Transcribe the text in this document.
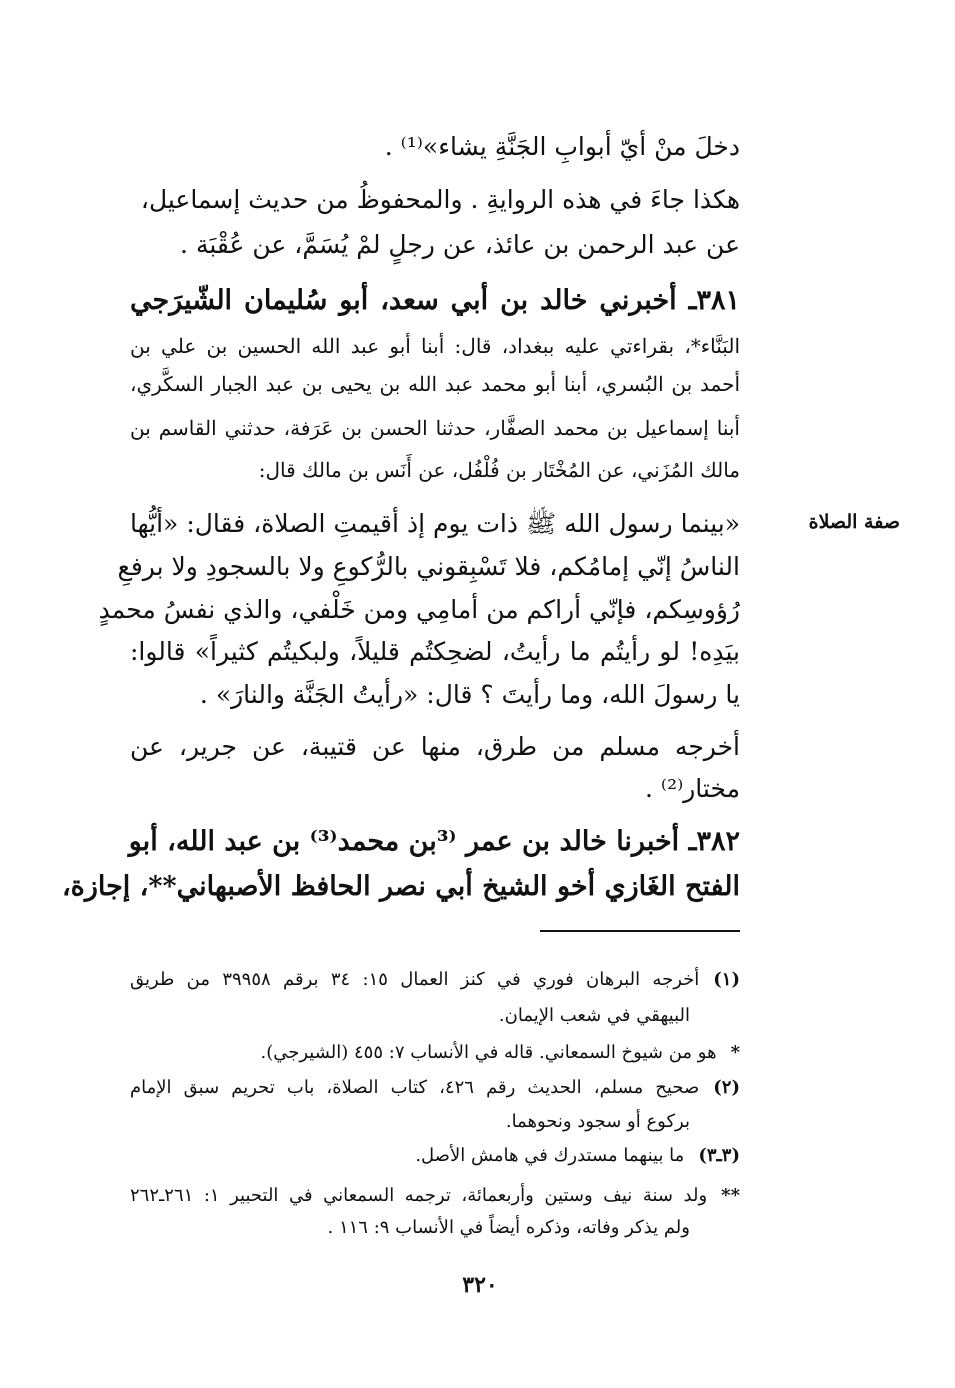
دخلَ منْ أيّ أبوابِ الجَنَّةِ يشاء»⁽¹⁾ .
هكذا جاءَ في هذه الروايةِ . والمحفوظُ من حديث إسماعيل،
عن عبد الرحمن بن عائذ، عن رجلٍ لمْ يُسَمَّ، عن عُقْبَة .
٣٨١ـ أخبرني خالد بن أبي سعد، أبو سُليمان الشّيرَجي
البَنَّاء*، بقراءتي عليه ببغداد، قال: أبنا أبو عبد الله الحسين بن علي بن
أحمد بن البُسري، أبنا أبو محمد عبد الله بن يحيى بن عبد الجبار السكَّري،
أبنا إسماعيل بن محمد الصفَّار، حدثنا الحسن بن عَرَفة، حدثني القاسم بن
مالك المُزَني، عن المُخْتَار بن فُلْفُل، عن أَنَس بن مالك قال:
«بينما رسول الله ﷺ ذات يوم إذ أقيمتِ الصلاة، فقال: «أيُّها
الناسُ إنّي إمامُكم، فلا تَسْبِقوني بالرُّكوعِ ولا بالسجودِ ولا برفعِ
رُؤوسِكم، فإنّي أراكم من أمامِي ومن خَلْفي، والذي نفسُ محمدٍ
بيَدِه! لو رأيتُم ما رأيتُ، لضحِكتُم قليلاً، ولبكيتُم كثيراً» قالوا:
يا رسولَ الله، وما رأيتَ ؟ قال: «رأيتُ الجَنَّة والنارَ» .
أخرجه مسلم من طرق، منها عن قتيبة، عن جرير، عن
مختار⁽²⁾ .
٣٨٢ـ أخبرنا خالد بن عمر ⁽³بن محمد⁽³⁾ بن عبد الله، أبو
الفتح الغَازي أخو الشيخ أبي نصر الحافظ الأصبهاني**، إجازة،
صفة الصلاة
(١)أخرجه البرهان فوري في كنز العمال ١٥: ٣٤ برقم ٣٩٩٥٨ من طريق
البيهقي في شعب الإيمان.
*هو من شيوخ السمعاني. قاله في الأنساب ٧: ٤٥٥ (الشيرجي).
(٢)صحيح مسلم، الحديث رقم ٤٢٦، كتاب الصلاة، باب تحريم سبق الإمام
بركوع أو سجود ونحوهما.
(٣ـ٣)ما بينهما مستدرك في هامش الأصل.
**ولد سنة نيف وستين وأربعمائة، ترجمه السمعاني في التحبير ١: ٢٦١ـ٢٦٢
ولم يذكر وفاته، وذكره أيضاً في الأنساب ٩: ١١٦ .
٣٢٠
